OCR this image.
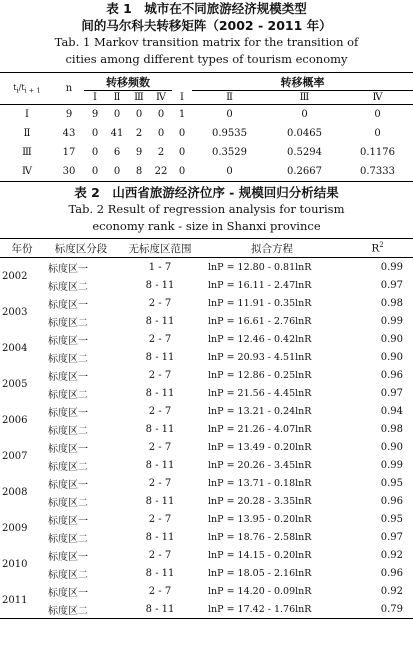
表 1　城市在不同旅游经济规模类型
间的马尔科夫转移矩阵（2002 - 2011 年）
Tab. 1 Markov transition matrix for the transition of
cities among different types of tourism economy
$t_i/t_{i + 1}$	n	转移频数					转移概率		
		Ⅰ	Ⅱ	Ⅲ	Ⅳ	Ⅰ	Ⅱ	Ⅲ	Ⅳ
Ⅰ	9	9	0	0	0	1	0	0	0
Ⅱ	43	0	41	2	0	0	0.9535	0.0465	0
Ⅲ	17	0	6	9	2	0	0.3529	0.5294	0.1176
Ⅳ	30	0	0	8	22	0	0	0.2667	0.7333
表 2　山西省旅游经济位序 - 规模回归分析结果
Tab. 2 Result of regression analysis for tourism
economy rank - size in Shanxi province
年份	标度区分段	无标度区范围	拟合方程	$R^2$
2002	标度区一	1 - 7	lnP = 12.80 - 0.81lnR	0.99
	标度区二	8 - 11	lnP = 16.11 - 2.47lnR	0.97
2003	标度区一	2 - 7	lnP = 11.91 - 0.35lnR	0.98
	标度区二	8 - 11	lnP = 16.61 - 2.76lnR	0.99
2004	标度区一	2 - 7	lnP = 12.46 - 0.42lnR	0.90
	标度区二	8 - 11	lnP = 20.93 - 4.51lnR	0.90
2005	标度区一	2 - 7	lnP = 12.86 - 0.25lnR	0.96
	标度区二	8 - 11	lnP = 21.56 - 4.45lnR	0.97
2006	标度区一	2 - 7	lnP = 13.21 - 0.24lnR	0.94
	标度区二	8 - 11	lnP = 21.26 - 4.07lnR	0.98
2007	标度区一	2 - 7	lnP = 13.49 - 0.20lnR	0.90
	标度区二	8 - 11	lnP = 20.26 - 3.45lnR	0.99
2008	标度区一	2 - 7	lnP = 13.71 - 0.18lnR	0.95
	标度区二	8 - 11	lnP = 20.28 - 3.35lnR	0.96
2009	标度区一	2 - 7	lnP = 13.95 - 0.20lnR	0.95
	标度区二	8 - 11	lnP = 18.76 - 2.58lnR	0.97
2010	标度区一	2 - 7	lnP = 14.15 - 0.20lnR	0.92
	标度区二	8 - 11	lnP = 18.05 - 2.16lnR	0.96
2011	标度区一	2 - 7	lnP = 14.20 - 0.09lnR	0.92
	标度区二	8 - 11	lnP = 17.42 - 1.76lnR	0.79
